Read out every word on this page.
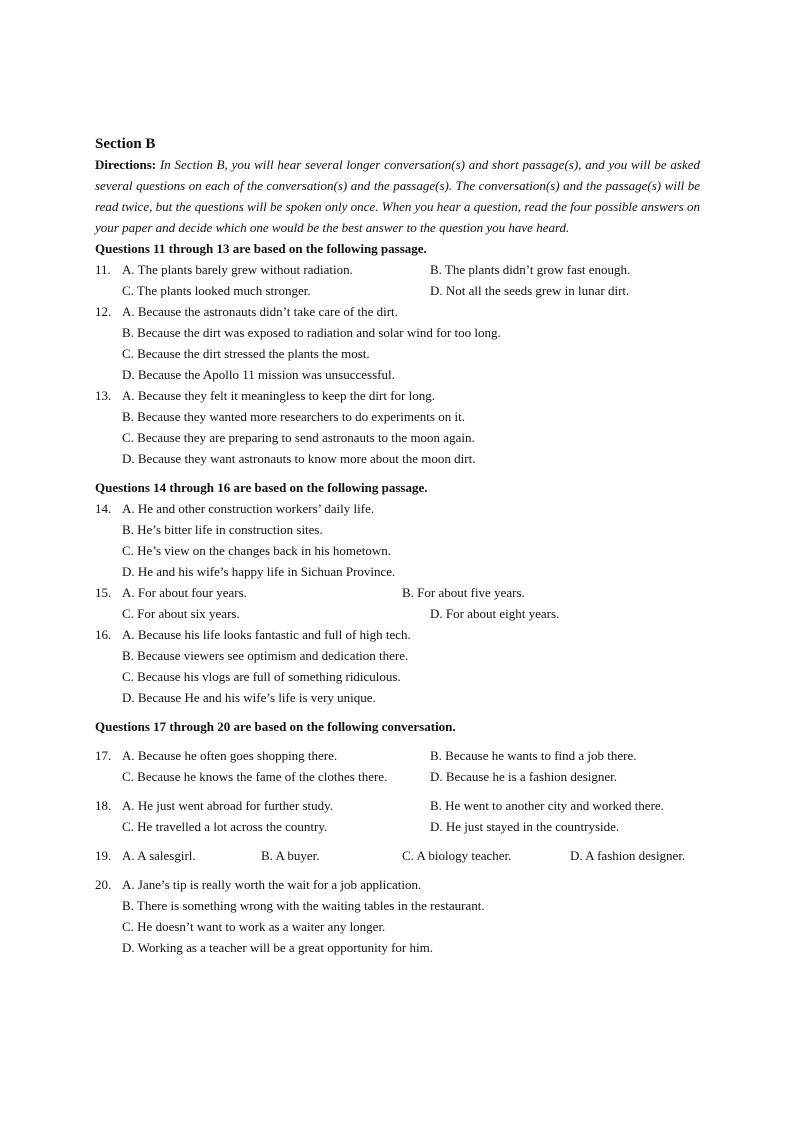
Section B

Directions: In Section B, you will hear several longer conversation(s) and short passage(s), and you will be asked several questions on each of the conversation(s) and the passage(s). The conversation(s) and the passage(s) will be read twice, but the questions will be spoken only once. When you hear a question, read the four possible answers on your paper and decide which one would be the best answer to the question you have heard.

Questions 11 through 13 are based on the following passage.

11. A. The plants barely grew without radiation.	B. The plants didn’t grow fast enough.
C. The plants looked much stronger.	D. Not all the seeds grew in lunar dirt.
12. A. Because the astronauts didn’t take care of the dirt.
B. Because the dirt was exposed to radiation and solar wind for too long.
C. Because the dirt stressed the plants the most.
D. Because the Apollo 11 mission was unsuccessful.
13. A. Because they felt it meaningless to keep the dirt for long.
B. Because they wanted more researchers to do experiments on it.
C. Because they are preparing to send astronauts to the moon again.
D. Because they want astronauts to know more about the moon dirt.

Questions 14 through 16 are based on the following passage.

14. A. He and other construction workers’ daily life.
B. He’s bitter life in construction sites.
C. He’s view on the changes back in his hometown.
D. He and his wife’s happy life in Sichuan Province.
15. A. For about four years.	B. For about five years.
C. For about six years.	D. For about eight years.
16. A. Because his life looks fantastic and full of high tech.
B. Because viewers see optimism and dedication there.
C. Because his vlogs are full of something ridiculous.
D. Because He and his wife’s life is very unique.

Questions 17 through 20 are based on the following conversation.

17. A. Because he often goes shopping there.	B. Because he wants to find a job there.
C. Because he knows the fame of the clothes there.	D. Because he is a fashion designer.
18. A. He just went abroad for further study.	B. He went to another city and worked there.
C. He travelled a lot across the country.	D. He just stayed in the countryside.
19. A. A salesgirl.	B. A buyer.	C. A biology teacher.	D. A fashion designer.
20. A. Jane’s tip is really worth the wait for a job application.
B. There is something wrong with the waiting tables in the restaurant.
C. He doesn’t want to work as a waiter any longer.
D. Working as a teacher will be a great opportunity for him.
